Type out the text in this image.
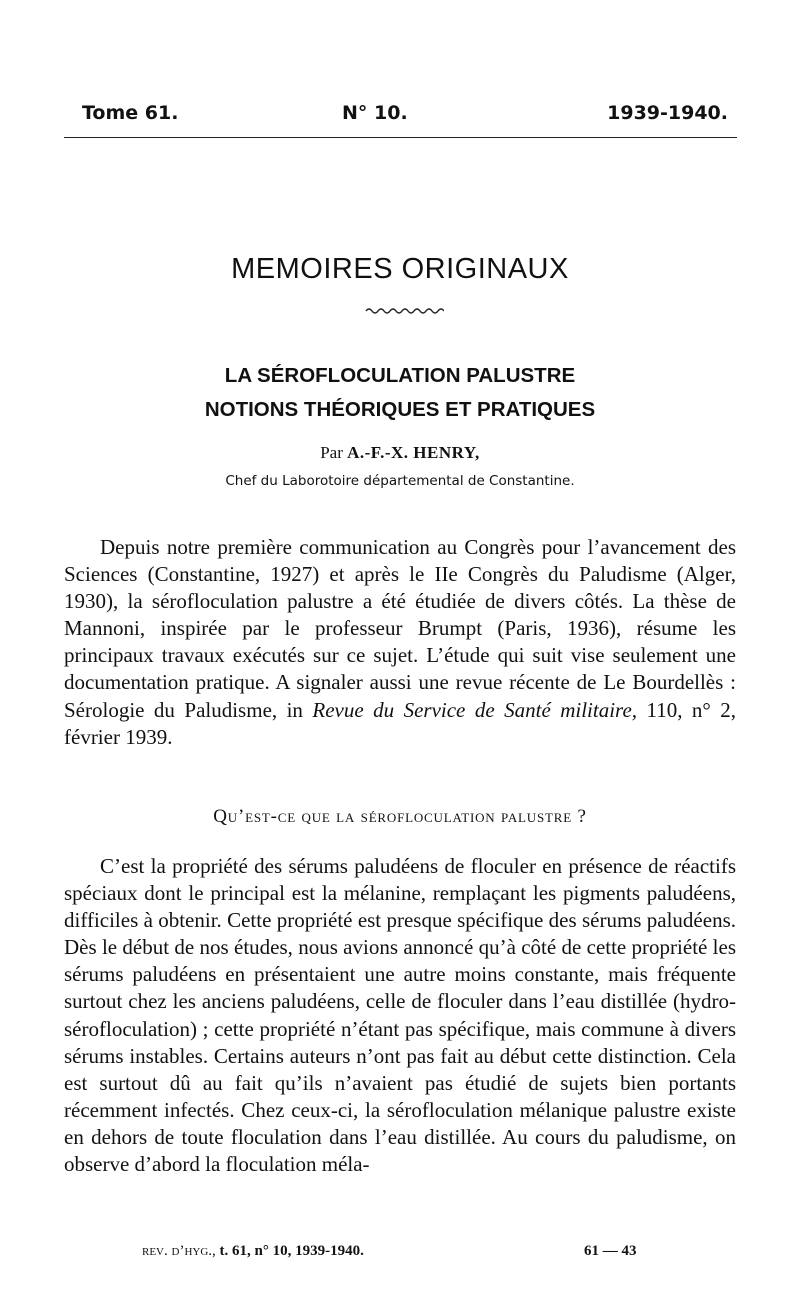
Tome 61.	N° 10.	1939-1940.
MEMOIRES ORIGINAUX
LA SÉROFLOCULATION PALUSTRE
NOTIONS THÉORIQUES ET PRATIQUES
Par A.-F.-X. HENRY,
Chef du Laborotoire départemental de Constantine.
Depuis notre première communication au Congrès pour l’avancement des Sciences (Constantine, 1927) et après le IIe Congrès du Paludisme (Alger, 1930), la sérofloculation palustre a été étudiée de divers côtés. La thèse de Mannoni, inspirée par le professeur Brumpt (Paris, 1936), résume les principaux travaux exécutés sur ce sujet. L’étude qui suit vise seulement une documentation pratique. A signaler aussi une revue récente de Le Bourdellès : Sérologie du Paludisme, in Revue du Service de Santé militaire, 110, n° 2, février 1939.
Qu’est-ce que la sérofloculation palustre ?
C’est la propriété des sérums paludéens de floculer en présence de réactifs spéciaux dont le principal est la mélanine, remplaçant les pigments paludéens, difficiles à obtenir. Cette propriété est presque spécifique des sérums paludéens. Dès le début de nos études, nous avions annoncé qu’à côté de cette propriété les sérums paludéens en présentaient une autre moins constante, mais fréquente surtout chez les anciens paludéens, celle de floculer dans l’eau distillée (hydro-sérofloculation) ; cette propriété n’étant pas spécifique, mais commune à divers sérums instables. Certains auteurs n’ont pas fait au début cette distinction. Cela est surtout dû au fait qu’ils n’avaient pas étudié de sujets bien portants récemment infectés. Chez ceux-ci, la sérofloculation mélanique palustre existe en dehors de toute floculation dans l’eau distillée. Au cours du paludisme, on observe d’abord la floculation méla-
rev. d’hyg., t. 61, n° 10, 1939-1940.	61 — 43
